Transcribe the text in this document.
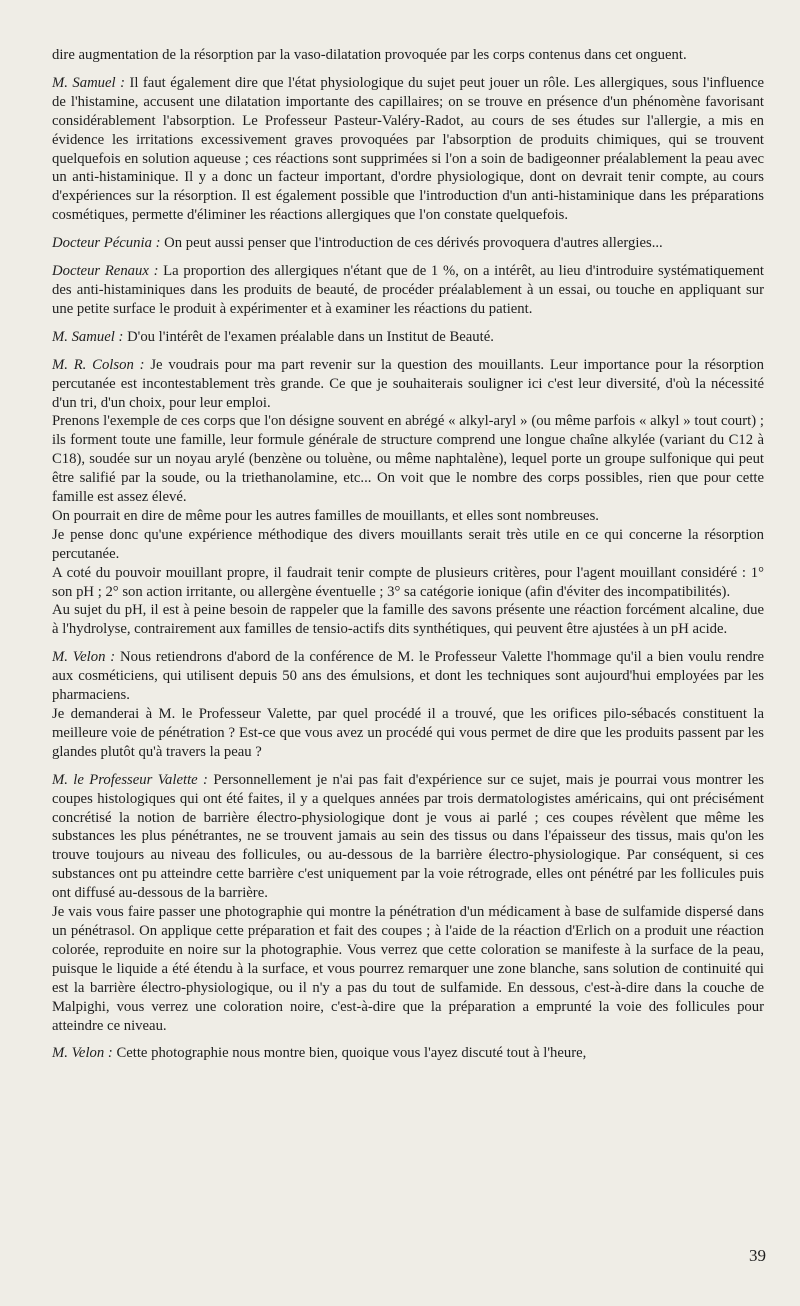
dire augmentation de la résorption par la vaso-dilatation provoquée par les corps contenus dans cet onguent.

M. Samuel : Il faut également dire que l'état physiologique du sujet peut jouer un rôle. Les allergiques, sous l'influence de l'histamine, accusent une dilatation importante des capillaires; on se trouve en présence d'un phénomène favorisant considérablement l'absorption. Le Professeur Pasteur-Valéry-Radot, au cours de ses études sur l'allergie, a mis en évidence les irritations excessivement graves provoquées par l'absorption de produits chimiques, qui se trouvent quelquefois en solution aqueuse ; ces réactions sont supprimées si l'on a soin de badigeonner préalablement la peau avec un anti-histaminique. Il y a donc un facteur important, d'ordre physiologique, dont on devrait tenir compte, au cours d'expériences sur la résorption. Il est également possible que l'introduction d'un anti-histaminique dans les préparations cosmétiques, permette d'éliminer les réactions allergiques que l'on constate quelquefois.

Docteur Pécunia : On peut aussi penser que l'introduction de ces dérivés provoquera d'autres allergies...

Docteur Renaux : La proportion des allergiques n'étant que de 1 %, on a intérêt, au lieu d'introduire systématiquement des anti-histaminiques dans les produits de beauté, de procéder préalablement à un essai, ou touche en appliquant sur une petite surface le produit à expérimenter et à examiner les réactions du patient.

M. Samuel : D'ou l'intérêt de l'examen préalable dans un Institut de Beauté.

M. R. Colson : Je voudrais pour ma part revenir sur la question des mouillants. Leur importance pour la résorption percutanée est incontestablement très grande. Ce que je souhaiterais souligner ici c'est leur diversité, d'où la nécessité d'un tri, d'un choix, pour leur emploi.

Prenons l'exemple de ces corps que l'on désigne souvent en abrégé « alkyl-aryl » (ou même parfois « alkyl » tout court) ; ils forment toute une famille, leur formule générale de structure comprend une longue chaîne alkylée (variant du C12 à C18), soudée sur un noyau arylé (benzène ou toluène, ou même naphtalène), lequel porte un groupe sulfonique qui peut être salifié par la soude, ou la triethanolamine, etc... On voit que le nombre des corps possibles, rien que pour cette famille est assez élevé.

On pourrait en dire de même pour les autres familles de mouillants, et elles sont nombreuses.

Je pense donc qu'une expérience méthodique des divers mouillants serait très utile en ce qui concerne la résorption percutanée.

A coté du pouvoir mouillant propre, il faudrait tenir compte de plusieurs critères, pour l'agent mouillant considéré : 1° son pH ; 2° son action irritante, ou allergène éventuelle ; 3° sa catégorie ionique (afin d'éviter des incompatibilités).

Au sujet du pH, il est à peine besoin de rappeler que la famille des savons présente une réaction forcément alcaline, due à l'hydrolyse, contrairement aux familles de tensio-actifs dits synthétiques, qui peuvent être ajustées à un pH acide.

M. Velon : Nous retiendrons d'abord de la conférence de M. le Professeur Valette l'hommage qu'il a bien voulu rendre aux cosméticiens, qui utilisent depuis 50 ans des émulsions, et dont les techniques sont aujourd'hui employées par les pharmaciens.

Je demanderai à M. le Professeur Valette, par quel procédé il a trouvé, que les orifices pilo-sébacés constituent la meilleure voie de pénétration ? Est-ce que vous avez un procédé qui vous permet de dire que les produits passent par les glandes plutôt qu'à travers la peau ?

M. le Professeur Valette : Personnellement je n'ai pas fait d'expérience sur ce sujet, mais je pourrai vous montrer les coupes histologiques qui ont été faites, il y a quelques années par trois dermatologistes américains, qui ont précisément concrétisé la notion de barrière électro-physiologique dont je vous ai parlé ; ces coupes révèlent que même les substances les plus pénétrantes, ne se trouvent jamais au sein des tissus ou dans l'épaisseur des tissus, mais qu'on les trouve toujours au niveau des follicules, ou au-dessous de la barrière électro-physiologique. Par conséquent, si ces substances ont pu atteindre cette barrière c'est uniquement par la voie rétrograde, elles ont pénétré par les follicules puis ont diffusé au-dessous de la barrière.

Je vais vous faire passer une photographie qui montre la pénétration d'un médicament à base de sulfamide dispersé dans un pénétrasol. On applique cette préparation et fait des coupes ; à l'aide de la réaction d'Erlich on a produit une réaction colorée, reproduite en noire sur la photographie. Vous verrez que cette coloration se manifeste à la surface de la peau, puisque le liquide a été étendu à la surface, et vous pourrez remarquer une zone blanche, sans solution de continuité qui est la barrière électro-physiologique, ou il n'y a pas du tout de sulfamide. En dessous, c'est-à-dire dans la couche de Malpighi, vous verrez une coloration noire, c'est-à-dire que la préparation a emprunté la voie des follicules pour atteindre ce niveau.

M. Velon : Cette photographie nous montre bien, quoique vous l'ayez discuté tout à l'heure,

39
